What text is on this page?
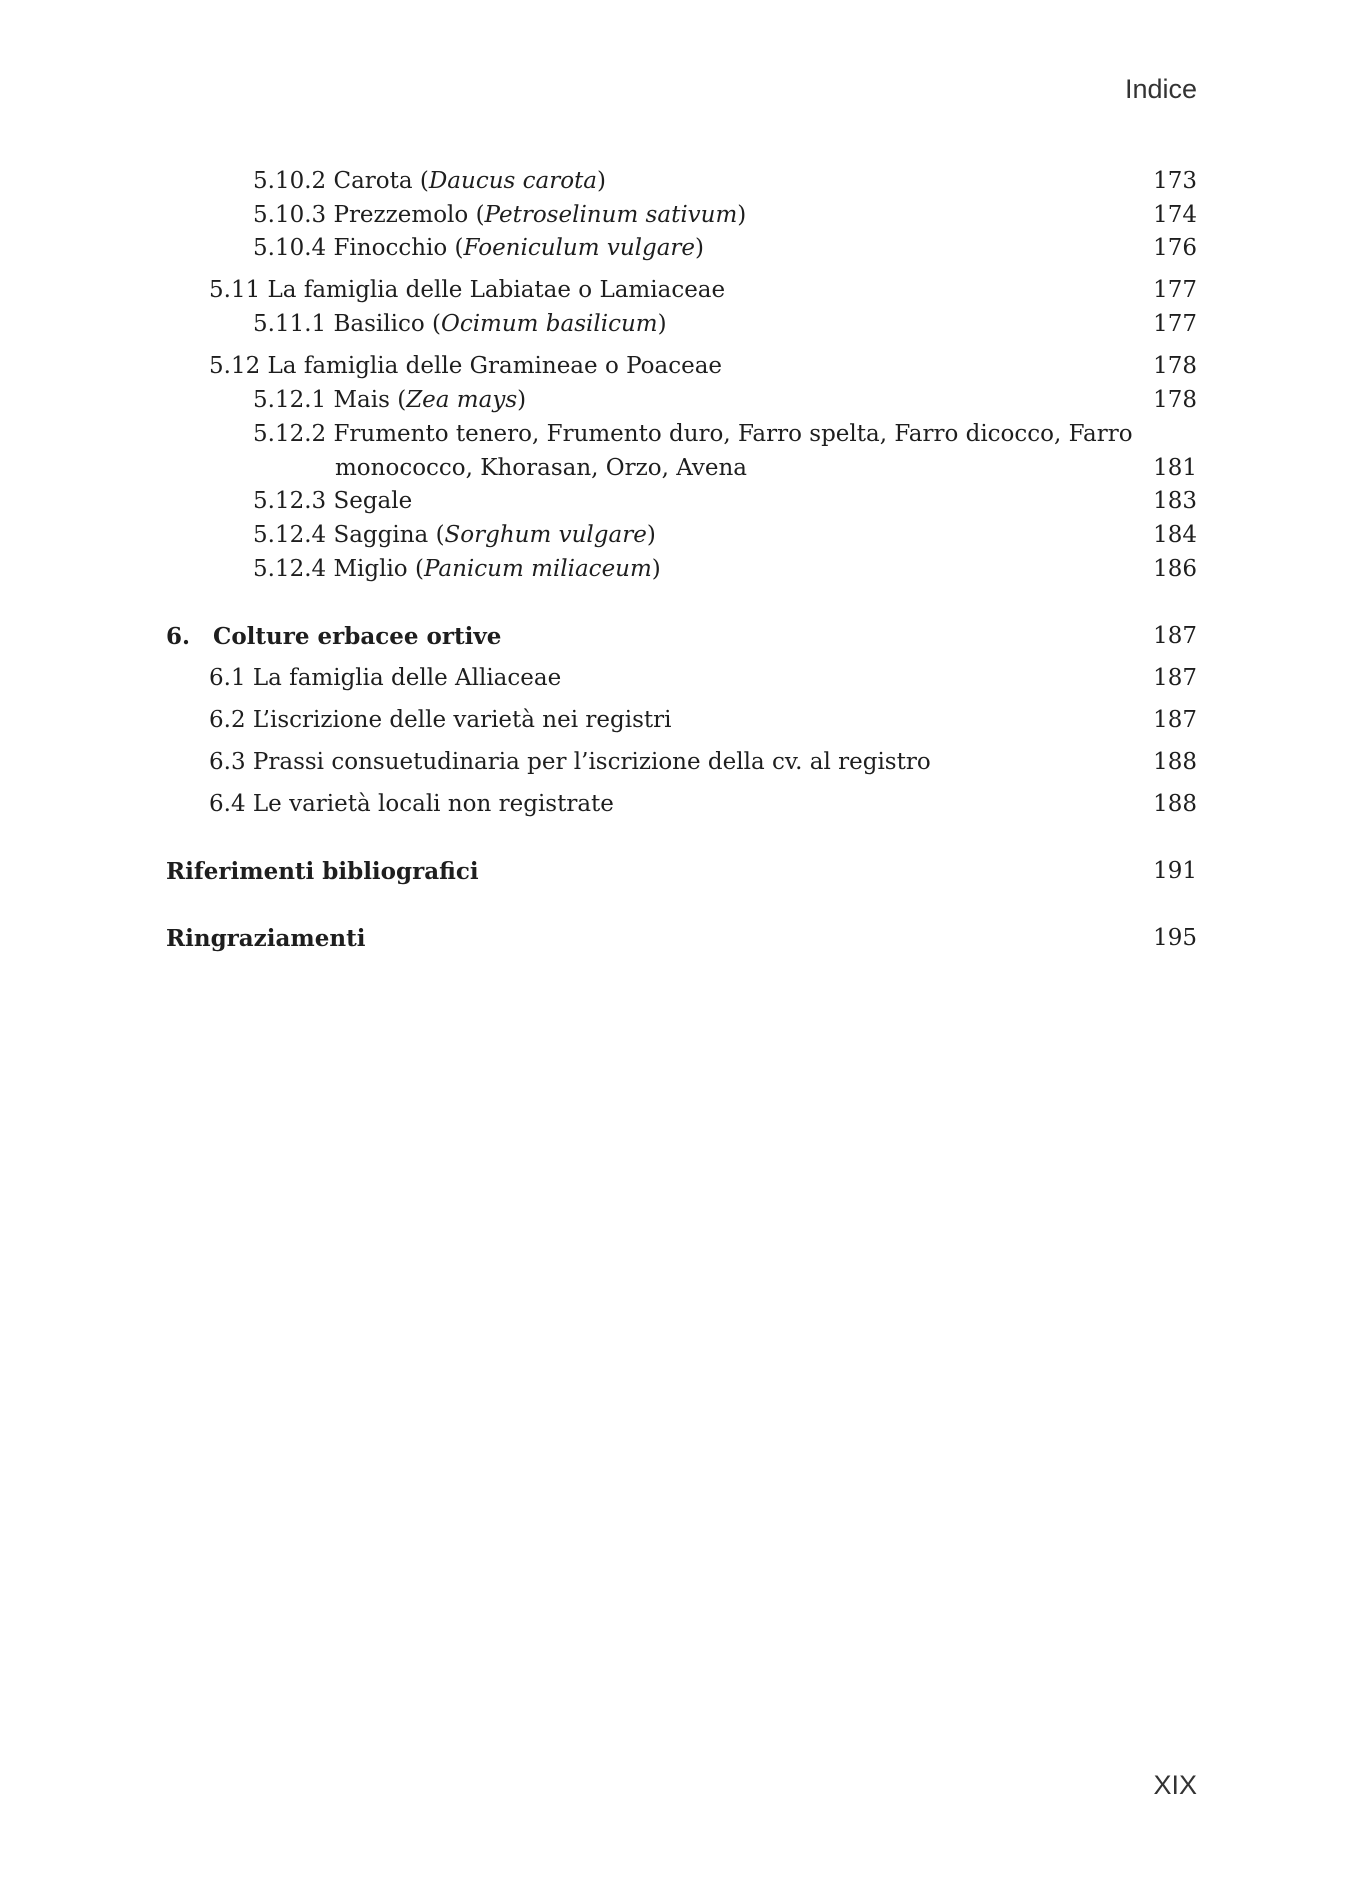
Indice
5.10.2 Carota (Daucus carota)	173
5.10.3 Prezzemolo (Petroselinum sativum)	174
5.10.4 Finocchio (Foeniculum vulgare)	176
5.11 La famiglia delle Labiatae o Lamiaceae	177
5.11.1 Basilico (Ocimum basilicum)	177
5.12 La famiglia delle Gramineae o Poaceae	178
5.12.1 Mais (Zea mays)	178
5.12.2 Frumento tenero, Frumento duro, Farro spelta, Farro dicocco, Farro
monococco, Khorasan, Orzo, Avena	181
5.12.3 Segale	183
5.12.4 Saggina (Sorghum vulgare)	184
5.12.4 Miglio (Panicum miliaceum)	186
6. Colture erbacee ortive	187
6.1 La famiglia delle Alliaceae	187
6.2 L’iscrizione delle varietà nei registri	187
6.3 Prassi consuetudinaria per l’iscrizione della cv. al registro	188
6.4 Le varietà locali non registrate	188
Riferimenti bibliografici	191
Ringraziamenti	195
XIX
